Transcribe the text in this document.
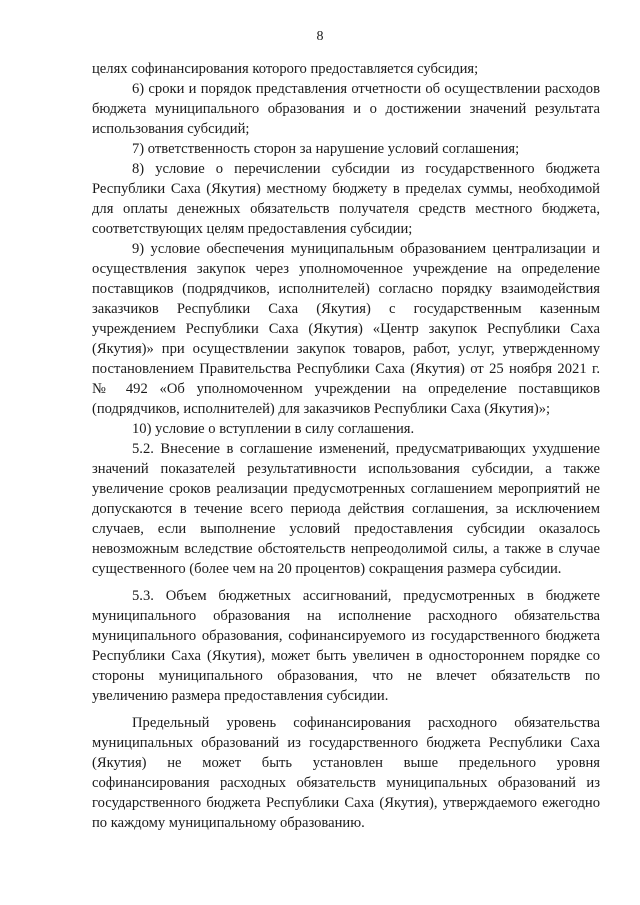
8

целях софинансирования которого предоставляется субсидия;

6) сроки и порядок представления отчетности об осуществлении расходов бюджета муниципального образования и о достижении значений результата использования субсидий;

7) ответственность сторон за нарушение условий соглашения;

8) условие о перечислении субсидии из государственного бюджета Республики Саха (Якутия) местному бюджету в пределах суммы, необходимой для оплаты денежных обязательств получателя средств местного бюджета, соответствующих целям предоставления субсидии;

9) условие обеспечения муниципальным образованием централизации и осуществления закупок через уполномоченное учреждение на определение поставщиков (подрядчиков, исполнителей) согласно порядку взаимодействия заказчиков Республики Саха (Якутия) с государственным казенным учреждением Республики Саха (Якутия) «Центр закупок Республики Саха (Якутия)» при осуществлении закупок товаров, работ, услуг, утвержденному постановлением Правительства Республики Саха (Якутия) от 25 ноября 2021 г. № 492 «Об уполномоченном учреждении на определение поставщиков (подрядчиков, исполнителей) для заказчиков Республики Саха (Якутия)»;

10) условие о вступлении в силу соглашения.

5.2. Внесение в соглашение изменений, предусматривающих ухудшение значений показателей результативности использования субсидии, а также увеличение сроков реализации предусмотренных соглашением мероприятий не допускаются в течение всего периода действия соглашения, за исключением случаев, если выполнение условий предоставления субсидии оказалось невозможным вследствие обстоятельств непреодолимой силы, а также в случае существенного (более чем на 20 процентов) сокращения размера субсидии.

5.3. Объем бюджетных ассигнований, предусмотренных в бюджете муниципального образования на исполнение расходного обязательства муниципального образования, софинансируемого из государственного бюджета Республики Саха (Якутия), может быть увеличен в одностороннем порядке со стороны муниципального образования, что не влечет обязательств по увеличению размера предоставления субсидии.

Предельный уровень софинансирования расходного обязательства муниципальных образований из государственного бюджета Республики Саха (Якутия) не может быть установлен выше предельного уровня софинансирования расходных обязательств муниципальных образований из государственного бюджета Республики Саха (Якутия), утверждаемого ежегодно по каждому муниципальному образованию.
